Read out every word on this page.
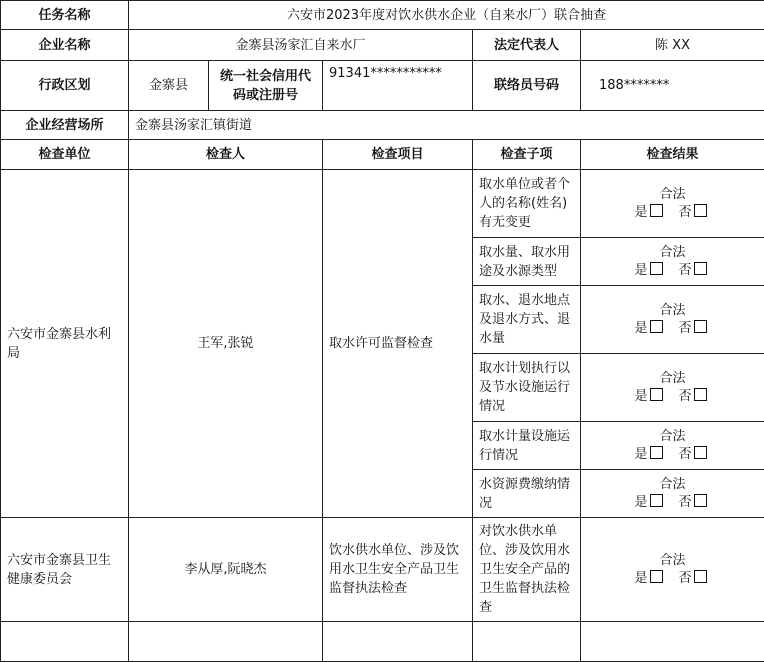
任务名称	六安市2023年度对饮水供水企业（自来水厂）联合抽查				
企业名称	金寨县汤家汇自来水厂			法定代表人	陈 XX
行政区划	金寨县	统一社会信用代码或注册号	91341***********	联络员号码	188*******
企业经营场所	金寨县汤家汇镇街道				
检查单位	检查人		检查项目	检查子项	检查结果
六安市金寨县水利局	王军,张锐		取水许可监督检查	取水单位或者个人的名称(姓名)有无变更	合法
是 否

				取水量、取水用途及水源类型	合法
是 否

				取水、退水地点及退水方式、退水量	合法
是 否

				取水计划执行以及节水设施运行情况	合法
是 否

				取水计量设施运行情况	合法
是 否

				水资源费缴纳情况	合法
是 否

六安市金寨县卫生健康委员会	李从厚,阮晓杰		饮水供水单位、涉及饮用水卫生安全产品卫生监督执法检查	对饮水供水单位、涉及饮用水卫生安全产品的卫生监督执法检查	合法
是 否
